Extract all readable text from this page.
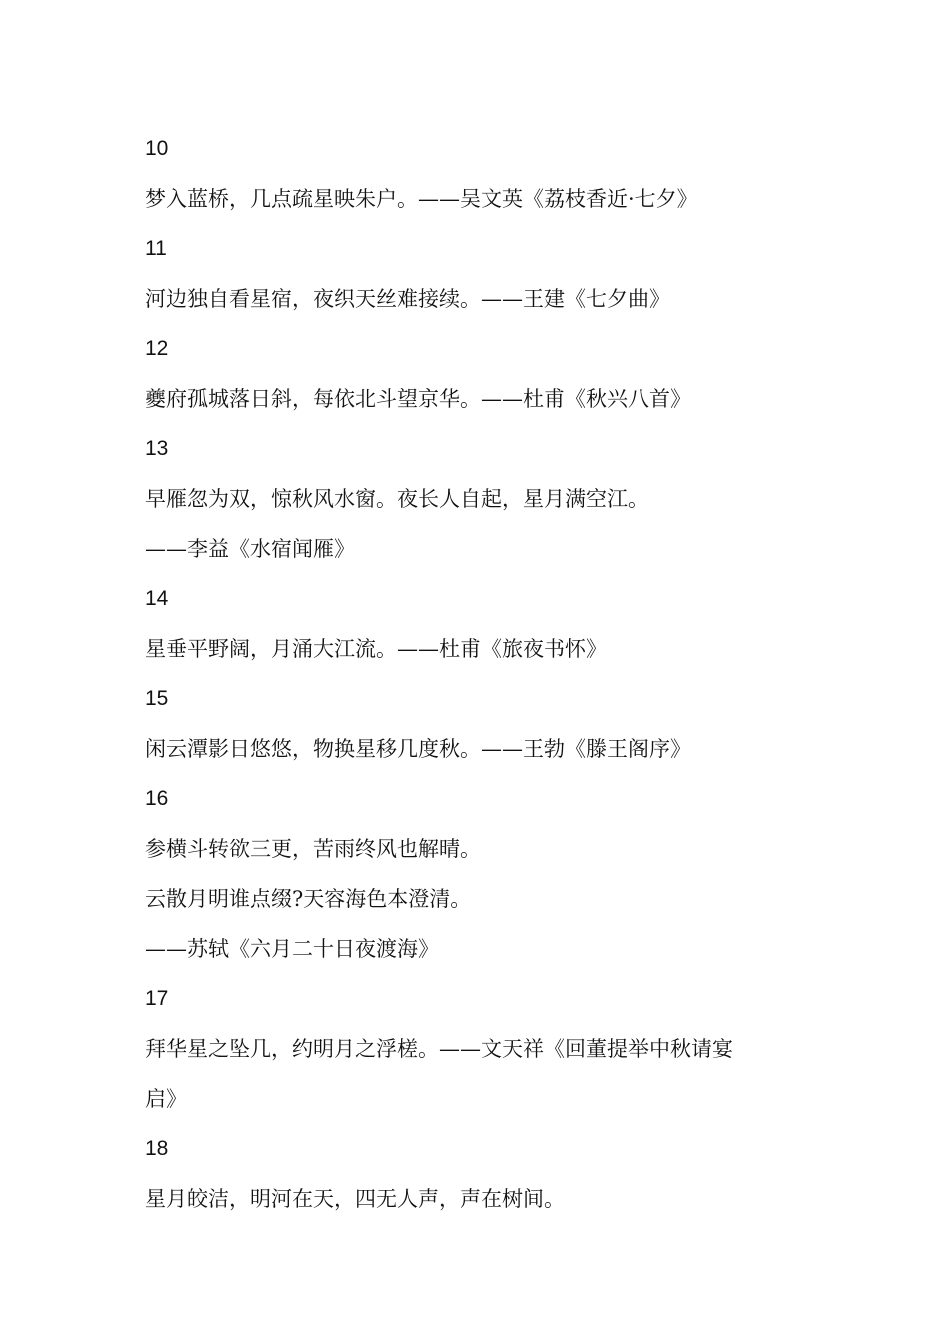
10
梦入蓝桥，几点疏星映朱户。——吴文英《荔枝香近·七夕》
11
河边独自看星宿，夜织天丝难接续。——王建《七夕曲》
12
夔府孤城落日斜，每依北斗望京华。——杜甫《秋兴八首》
13
早雁忽为双，惊秋风水窗。夜长人自起，星月满空江。
——李益《水宿闻雁》
14
星垂平野阔，月涌大江流。——杜甫《旅夜书怀》
15
闲云潭影日悠悠，物换星移几度秋。——王勃《滕王阁序》
16
参横斗转欲三更，苦雨终风也解晴。
云散月明谁点缀?天容海色本澄清。
——苏轼《六月二十日夜渡海》
17
拜华星之坠几，约明月之浮槎。——文天祥《回董提举中秋请宴
启》
18
星月皎洁，明河在天，四无人声，声在树间。
